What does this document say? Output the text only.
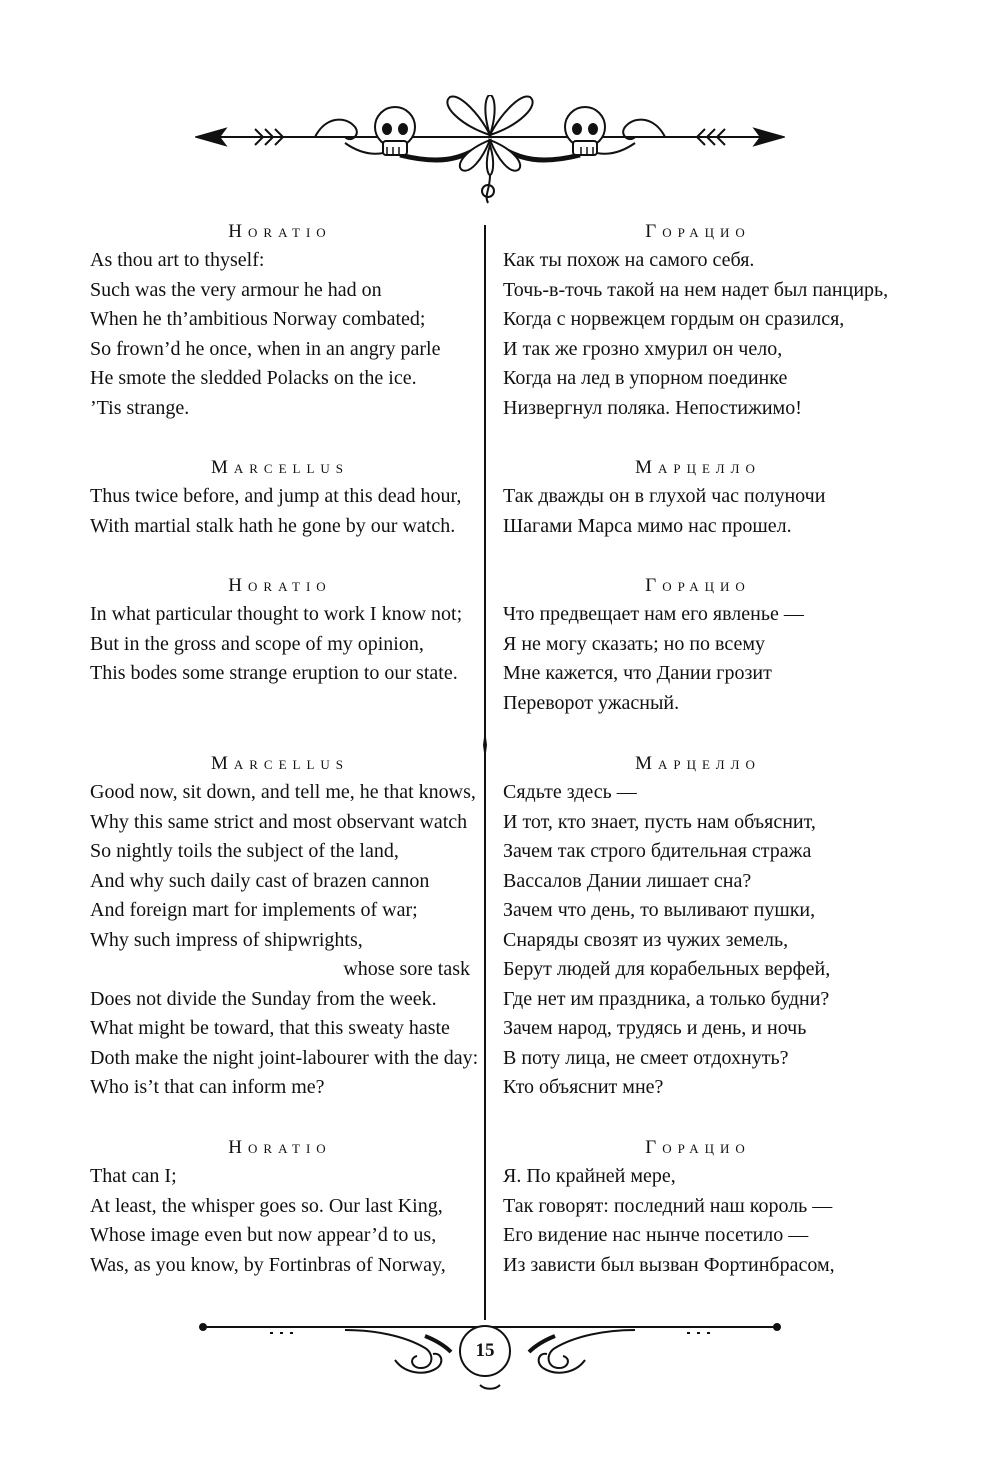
Horatio
As thou art to thyself:
Such was the very armour he had on
When he th’ambitious Norway combated;
So frown’d he once, when in an angry parle
He smote the sledded Polacks on the ice.
’Tis strange.
Marcellus
Thus twice before, and jump at this dead hour,
With martial stalk hath he gone by our watch.
Horatio
In what particular thought to work I know not;
But in the gross and scope of my opinion,
This bodes some strange eruption to our state.
Marcellus
Good now, sit down, and tell me, he that knows,
Why this same strict and most observant watch
So nightly toils the subject of the land,
And why such daily cast of brazen cannon
And foreign mart for implements of war;
Why such impress of shipwrights,
whose sore task
Does not divide the Sunday from the week.
What might be toward, that this sweaty haste
Doth make the night joint-labourer with the day:
Who is’t that can inform me?
Horatio
That can I;
At least, the whisper goes so. Our last King,
Whose image even but now appear’d to us,
Was, as you know, by Fortinbras of Norway,
Горацио
Как ты похож на самого себя.
Точь-в-точь такой на нем надет был панцирь,
Когда с норвежцем гордым он сразился,
И так же грозно хмурил он чело,
Когда на лед в упорном поединке
Низвергнул поляка. Непостижимо!
Марцелло
Так дважды он в глухой час полуночи
Шагами Марса мимо нас прошел.
Горацио
Что предвещает нам его явленье —
Я не могу сказать; но по всему
Мне кажется, что Дании грозит
Переворот ужасный.
Марцелло
Сядьте здесь —
И тот, кто знает, пусть нам объяснит,
Зачем так строго бдительная стража
Вассалов Дании лишает сна?
Зачем что день, то выливают пушки,
Снаряды свозят из чужих земель,
Берут людей для корабельных верфей,
Где нет им праздника, а только будни?
Зачем народ, трудясь и день, и ночь
В поту лица, не смеет отдохнуть?
Кто объяснит мне?
Горацио
Я. По крайней мере,
Так говорят: последний наш король —
Его видение нас нынче посетило —
Из зависти был вызван Фортинбрасом,
15
